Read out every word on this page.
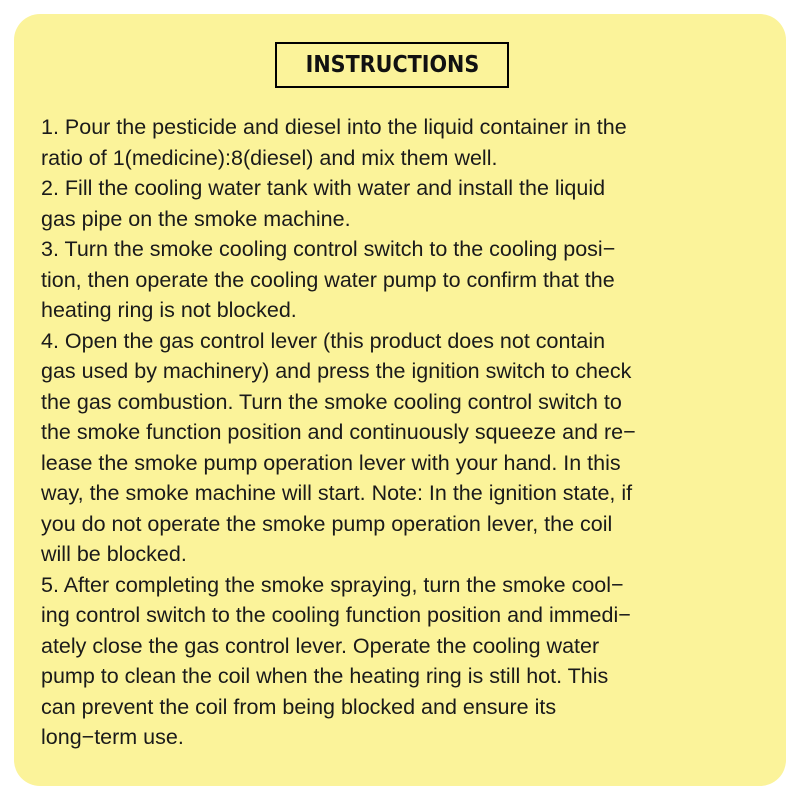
INSTRUCTIONS
1. Pour the pesticide and diesel into the liquid container in the
ratio of 1(medicine):8(diesel) and mix them well.
2. Fill the cooling water tank with water and install the liquid
gas pipe on the smoke machine.
3. Turn the smoke cooling control switch to the cooling posi−
tion, then operate the cooling water pump to confirm that the
heating ring is not blocked.
4. Open the gas control lever (this product does not contain
gas used by machinery) and press the ignition switch to check
the gas combustion. Turn the smoke cooling control switch to
the smoke function position and continuously squeeze and re−
lease the smoke pump operation lever with your hand. In this
way, the smoke machine will start. Note: In the ignition state, if
you do not operate the smoke pump operation lever, the coil
will be blocked.
5. After completing the smoke spraying, turn the smoke cool−
ing control switch to the cooling function position and immedi−
ately close the gas control lever. Operate the cooling water
pump to clean the coil when the heating ring is still hot. This
can prevent the coil from being blocked and ensure its
long−term use.
